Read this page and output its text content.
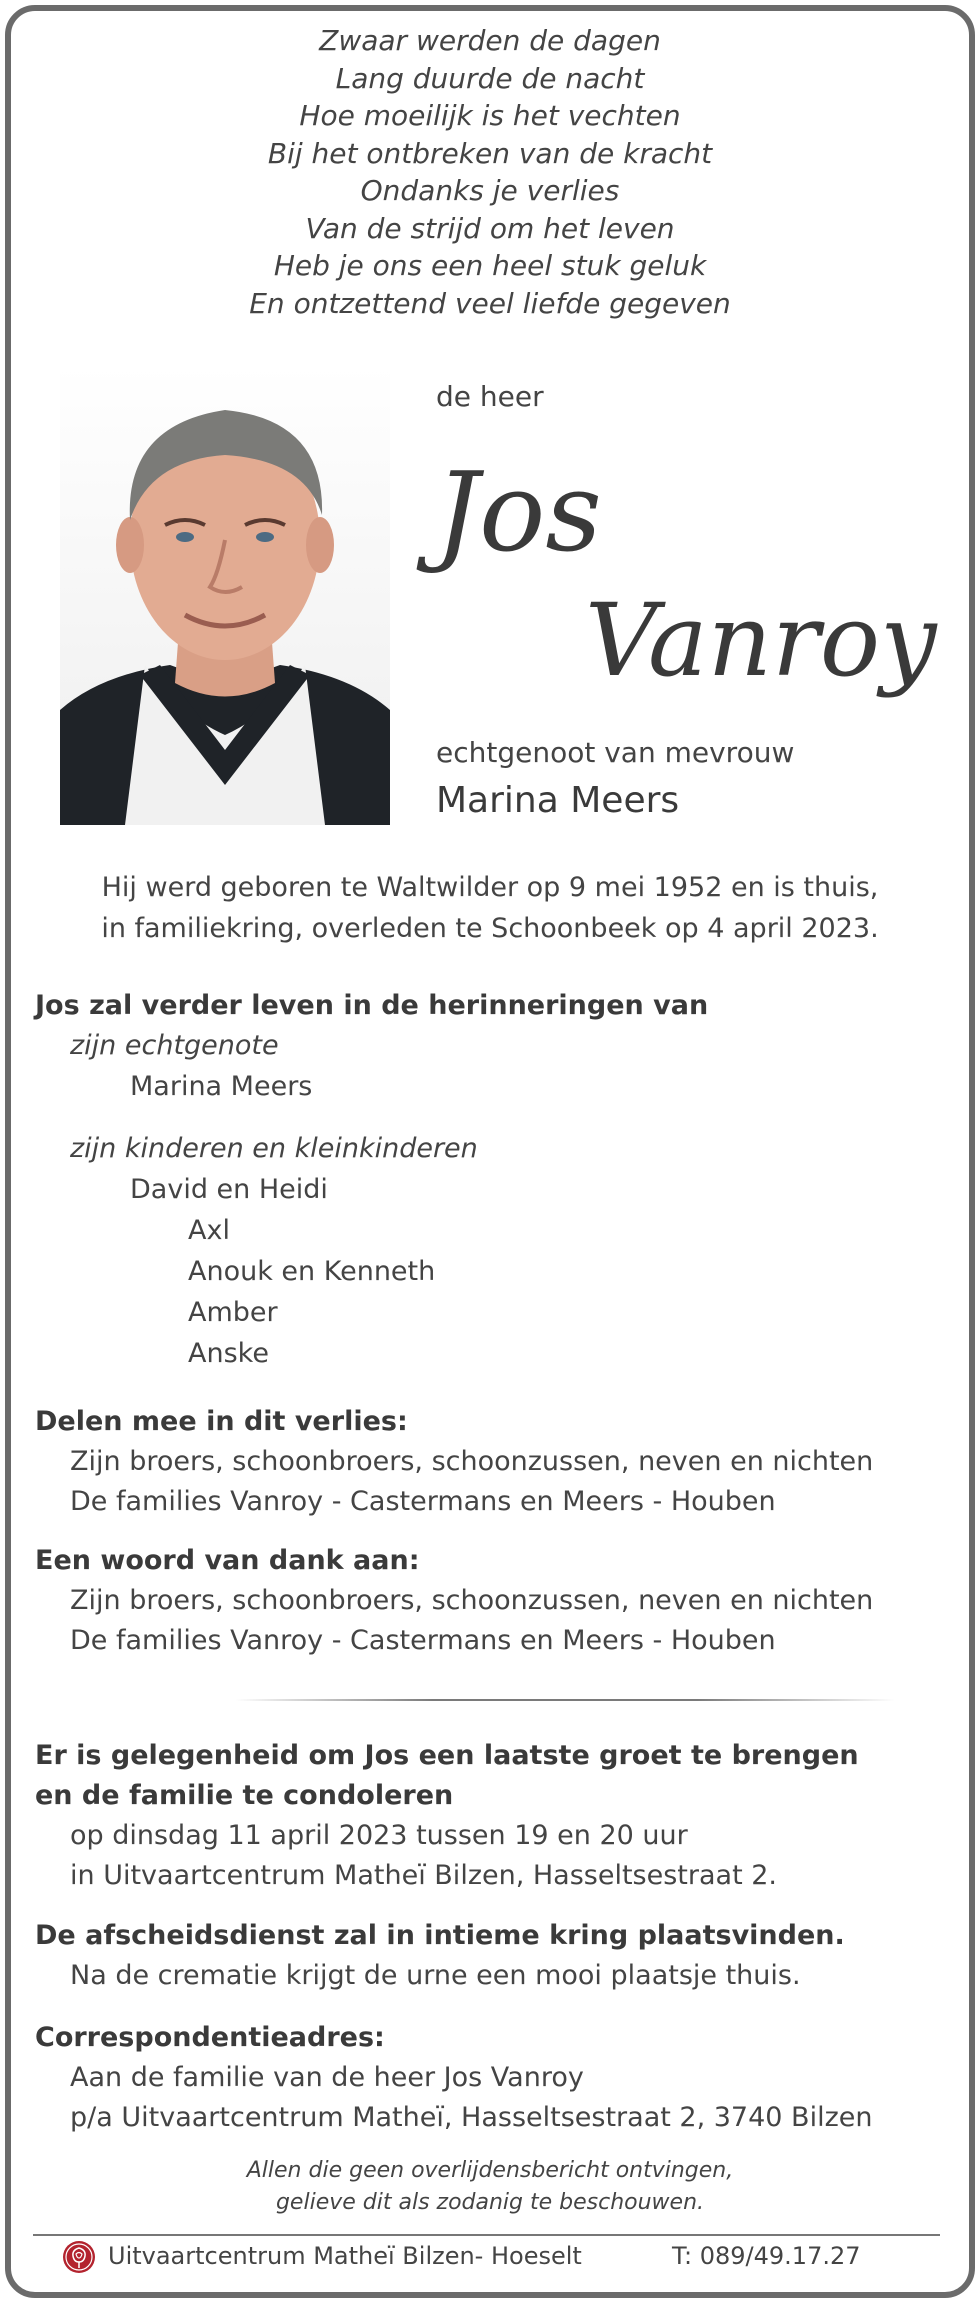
Zwaar werden de dagen
Lang duurde de nacht
Hoe moeilijk is het vechten
Bij het ontbreken van de kracht
Ondanks je verlies
Van de strijd om het leven
Heb je ons een heel stuk geluk
En ontzettend veel liefde gegeven
de heer
Jos
Vanroy
echtgenoot van mevrouw
Marina Meers
Hij werd geboren te Waltwilder op 9 mei 1952 en is thuis,
in familiekring, overleden te Schoonbeek op 4 april 2023.
Jos zal verder leven in de herinneringen van
zijn echtgenote
Marina Meers
zijn kinderen en kleinkinderen
David en Heidi
Axl
Anouk en Kenneth
Amber
Anske
Delen mee in dit verlies:
Zijn broers, schoonbroers, schoonzussen, neven en nichten
De families Vanroy - Castermans en Meers - Houben
Een woord van dank aan:
Zijn broers, schoonbroers, schoonzussen, neven en nichten
De families Vanroy - Castermans en Meers - Houben
Er is gelegenheid om Jos een laatste groet te brengen
en de familie te condoleren
op dinsdag 11 april 2023 tussen 19 en 20 uur
in Uitvaartcentrum Matheï Bilzen, Hasseltsestraat 2.
De afscheidsdienst zal in intieme kring plaatsvinden.
Na de crematie krijgt de urne een mooi plaatsje thuis.
Correspondentieadres:
Aan de familie van de heer Jos Vanroy
p/a Uitvaartcentrum Matheï, Hasseltsestraat 2, 3740 Bilzen
Allen die geen overlijdensbericht ontvingen,
gelieve dit als zodanig te beschouwen.
Uitvaartcentrum Matheï Bilzen- Hoeselt	T: 089/49.17.27
